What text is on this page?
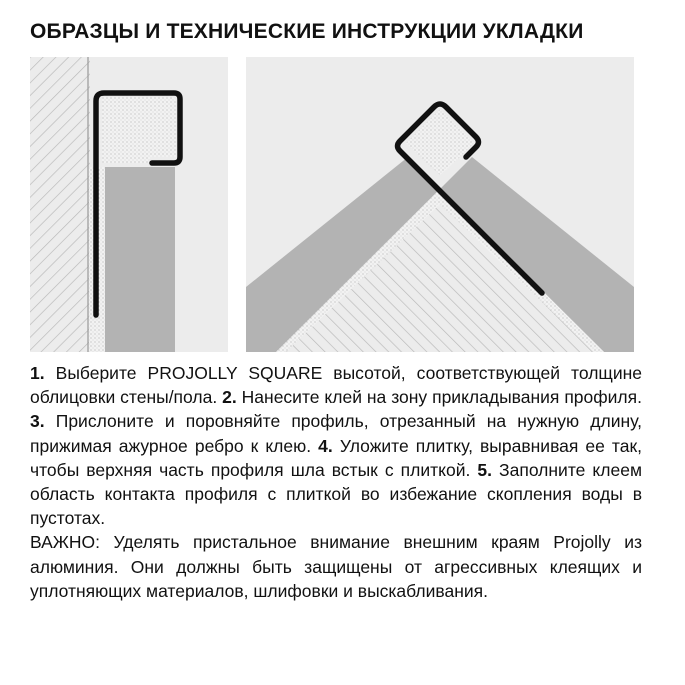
ОБРАЗЦЫ И ТЕХНИЧЕСКИЕ ИНСТРУКЦИИ УКЛАДКИ

1. Выберите PROJOLLY SQUARE высотой, соответствующей толщине облицовки стены/пола. 2. Нанесите клей на зону прикладывания профиля. 3. Прислоните и поровняйте профиль, отрезанный на нужную длину, прижимая ажурное ребро к клею. 4. Уложите плитку, выравнивая ее так, чтобы верхняя часть профиля шла встык с плиткой. 5. Заполните клеем область контакта профиля с плиткой во избежание скопления воды в пустотах.

ВАЖНО: Уделять пристальное внимание внешним краям Projolly из алюминия. Они должны быть защищены от агрессивных клеящих и уплотняющих материалов, шлифовки и выскабливания.
